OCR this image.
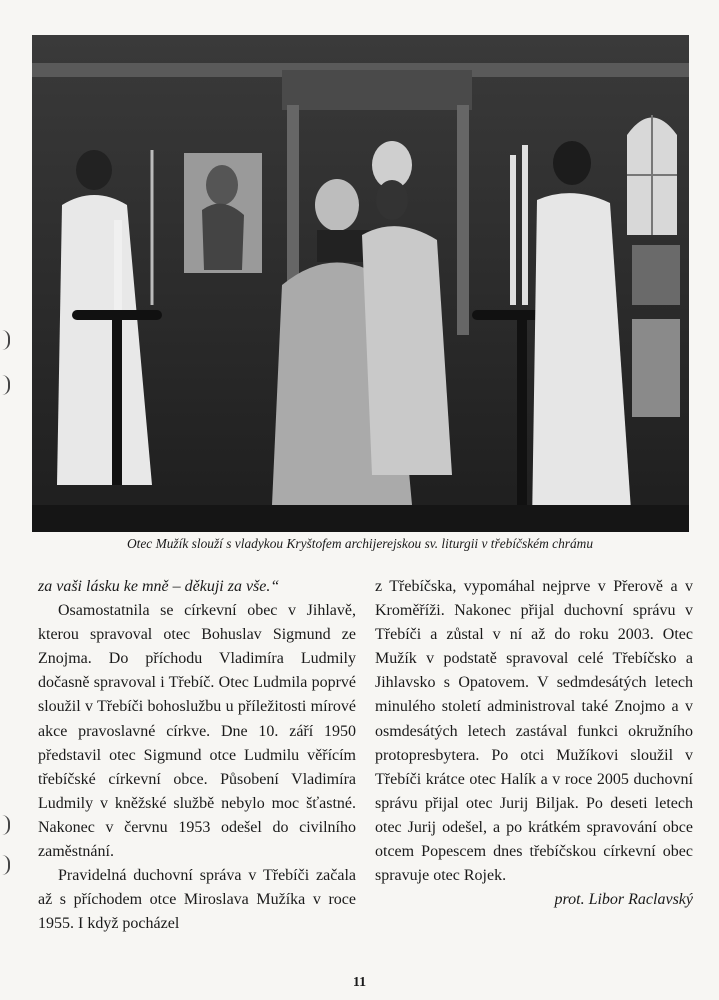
Otec Mužík slouží s vladykou Kryštofem archijerejskou sv. liturgii v třebíčském chrámu

za vaši lásku ke mně – děkuji za vše.“

Osamostatnila se církevní obec v Jihlavě, kterou spravoval otec Bohuslav Sigmund ze Znojma. Do příchodu Vladimíra Ludmily dočasně spravoval i Třebíč. Otec Ludmila poprvé sloužil v Třebíči bohoslužbu u příležitosti mírové akce pravoslavné církve. Dne 10. září 1950 představil otec Sigmund otce Ludmilu věřícím třebíčské církevní obce. Působení Vladimíra Ludmily v kněžské službě nebylo moc šťastné. Nakonec v červnu 1953 odešel do civilního zaměstnání.

Pravidelná duchovní správa v Třebíči začala až s příchodem otce Miroslava Mužíka v roce 1955. I když pocházel

z Třebíčska, vypomáhal nejprve v Přerově a v Kroměříži. Nakonec přijal duchovní správu v Třebíči a zůstal v ní až do roku 2003. Otec Mužík v podstatě spravoval celé Třebíčsko a Jihlavsko s Opatovem. V sedmdesátých letech minulého století administroval také Znojmo a v osmdesátých letech zastával funkci okružního protopresbytera. Po otci Mužíkovi sloužil v Třebíči krátce otec Halík a v roce 2005 duchovní správu přijal otec Jurij Biljak. Po deseti letech otec Jurij odešel, a po krátkém spravování obce otcem Popescem dnes třebíčskou církevní obec spravuje otec Rojek.

prot. Libor Raclavský

11
